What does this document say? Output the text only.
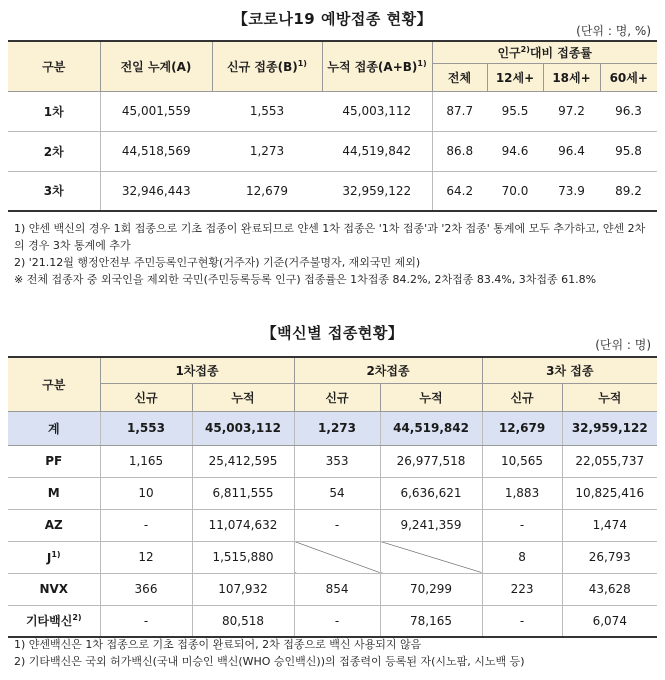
【코로나19 예방접종 현황】
(단위 : 명, %)
구분	전일 누계(A)	신규 접종$(B)^{1)}$	누적 접종$(A+B)^{1)}$	인구$^{2)}$대비 접종률			
				전체	12세+	18세+	60세+
1차	45,001,559	1,553	45,003,112	87.7	95.5	97.2	96.3
2차	44,518,569	1,273	44,519,842	86.8	94.6	96.4	95.8
3차	32,946,443	12,679	32,959,122	64.2	70.0	73.9	89.2
1) 얀센 백신의 경우 1회 접종으로 기초 접종이 완료되므로 얀센 1차 접종은 '1차 접종'과 '2차 접종' 통계에 모두 추가하고, 얀센 2차의 경우 3차 통계에 추가
2) '21.12월 행정안전부 주민등록인구현황(거주자) 기준(거주불명자, 재외국민 제외)
※ 전체 접종자 중 외국인을 제외한 국민(주민등록등록 인구) 접종률은 1차접종 84.2%, 2차접종 83.4%, 3차접종 61.8%
【백신별 접종현황】
(단위 : 명)
구분	1차접종		2차접종		3차 접종	
	신규	누적	신규	누적	신규	누적
계	1,553	45,003,112	1,273	44,519,842	12,679	32,959,122
PF	1,165	25,412,595	353	26,977,518	10,565	22,055,737
M	10	6,811,555	54	6,636,621	1,883	10,825,416
AZ	-	11,074,632	-	9,241,359	-	1,474
$J^{1)}$	12	1,515,880			8	26,793
NVX	366	107,932	854	70,299	223	43,628
기타백신$^{2)}$	-	80,518	-	78,165	-	6,074
1) 얀센백신은 1차 접종으로 기초 접종이 완료되어, 2차 접종으로 백신 사용되지 않음
2) 기타백신은 국외 허가백신(국내 미승인 백신(WHO 승인백신))의 접종력이 등록된 자(시노팜, 시노백 등)
